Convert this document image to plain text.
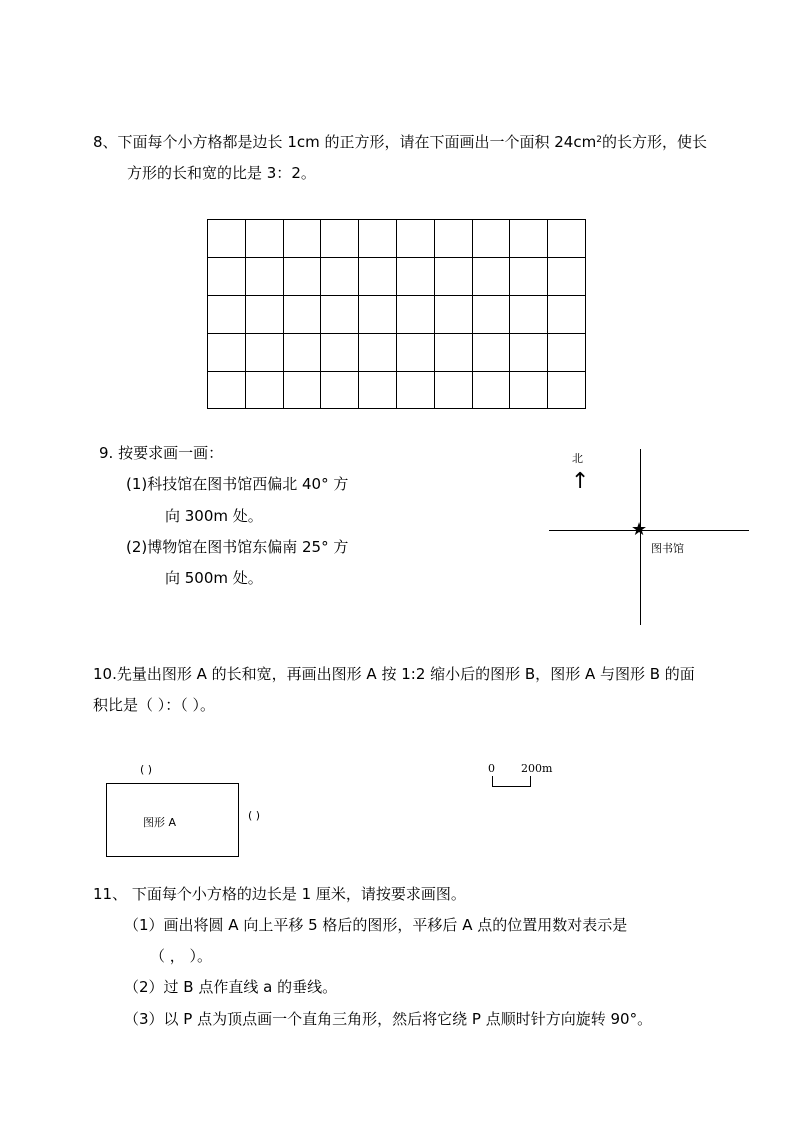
8、下面每个小方格都是边长 1cm 的正方形，请在下面画出一个面积 $24cm^2$的长方形，使长
方形的长和宽的比是 3：2。

9. 按要求画一画：
(1)科技馆在图书馆西偏北 40° 方
向 300m 处。
(2)博物馆在图书馆东偏南 25° 方
向 500m 处。
北
↑
★
图书馆
10.先量出图形 A 的长和宽，再画出图形 A 按 1:2 缩小后的图形 B，图形 A 与图形 B 的面
积比是（ ）：（ ）。
( )
图形 A
( )
0 200m
11、 下面每个小方格的边长是 1 厘米，请按要求画图。
（1）画出将圆 A 向上平移 5 格后的图形，平移后 A 点的位置用数对表示是
（ ， ）。
（2）过 B 点作直线 a 的垂线。
（3）以 P 点为顶点画一个直角三角形，然后将它绕 P 点顺时针方向旋转 90°。
